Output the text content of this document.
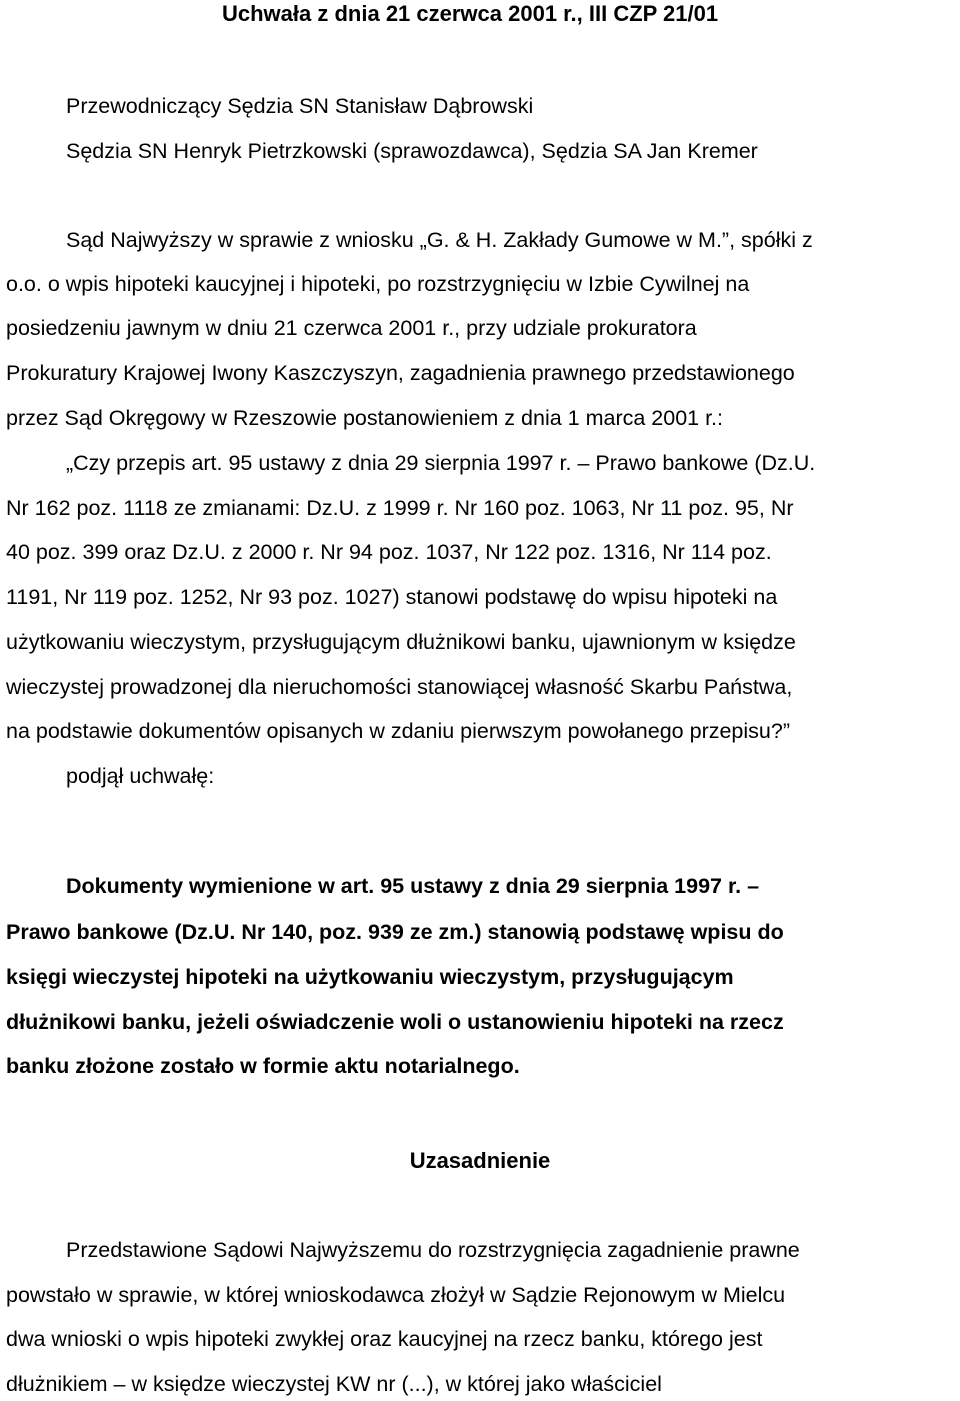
Uchwała z dnia 21 czerwca 2001 r., III CZP 21/01
Przewodniczący Sędzia SN Stanisław Dąbrowski
Sędzia SN Henryk Pietrzkowski (sprawozdawca), Sędzia SA Jan Kremer
Sąd Najwyższy w sprawie z wniosku „G. & H. Zakłady Gumowe w M.”, spółki z
o.o. o wpis hipoteki kaucyjnej i hipoteki, po rozstrzygnięciu w Izbie Cywilnej na
posiedzeniu jawnym w dniu 21 czerwca 2001 r., przy udziale prokuratora
Prokuratury Krajowej Iwony Kaszczyszyn, zagadnienia prawnego przedstawionego
przez Sąd Okręgowy w Rzeszowie postanowieniem z dnia 1 marca 2001 r.:
„Czy przepis art. 95 ustawy z dnia 29 sierpnia 1997 r. – Prawo bankowe (Dz.U.
Nr 162 poz. 1118 ze zmianami: Dz.U. z 1999 r. Nr 160 poz. 1063, Nr 11 poz. 95, Nr
40 poz. 399 oraz Dz.U. z 2000 r. Nr 94 poz. 1037, Nr 122 poz. 1316, Nr 114 poz.
1191, Nr 119 poz. 1252, Nr 93 poz. 1027) stanowi podstawę do wpisu hipoteki na
użytkowaniu wieczystym, przysługującym dłużnikowi banku, ujawnionym w księdze
wieczystej prowadzonej dla nieruchomości stanowiącej własność Skarbu Państwa,
na podstawie dokumentów opisanych w zdaniu pierwszym powołanego przepisu?”
podjął uchwałę:
Dokumenty wymienione w art. 95 ustawy z dnia 29 sierpnia 1997 r. –
Prawo bankowe (Dz.U. Nr 140, poz. 939 ze zm.) stanowią podstawę wpisu do
księgi wieczystej hipoteki na użytkowaniu wieczystym, przysługującym
dłużnikowi banku, jeżeli oświadczenie woli o ustanowieniu hipoteki na rzecz
banku złożone zostało w formie aktu notarialnego.
Uzasadnienie
Przedstawione Sądowi Najwyższemu do rozstrzygnięcia zagadnienie prawne
powstało w sprawie, w której wnioskodawca złożył w Sądzie Rejonowym w Mielcu
dwa wnioski o wpis hipoteki zwykłej oraz kaucyjnej na rzecz banku, którego jest
dłużnikiem – w księdze wieczystej KW nr (...), w której jako właściciel
